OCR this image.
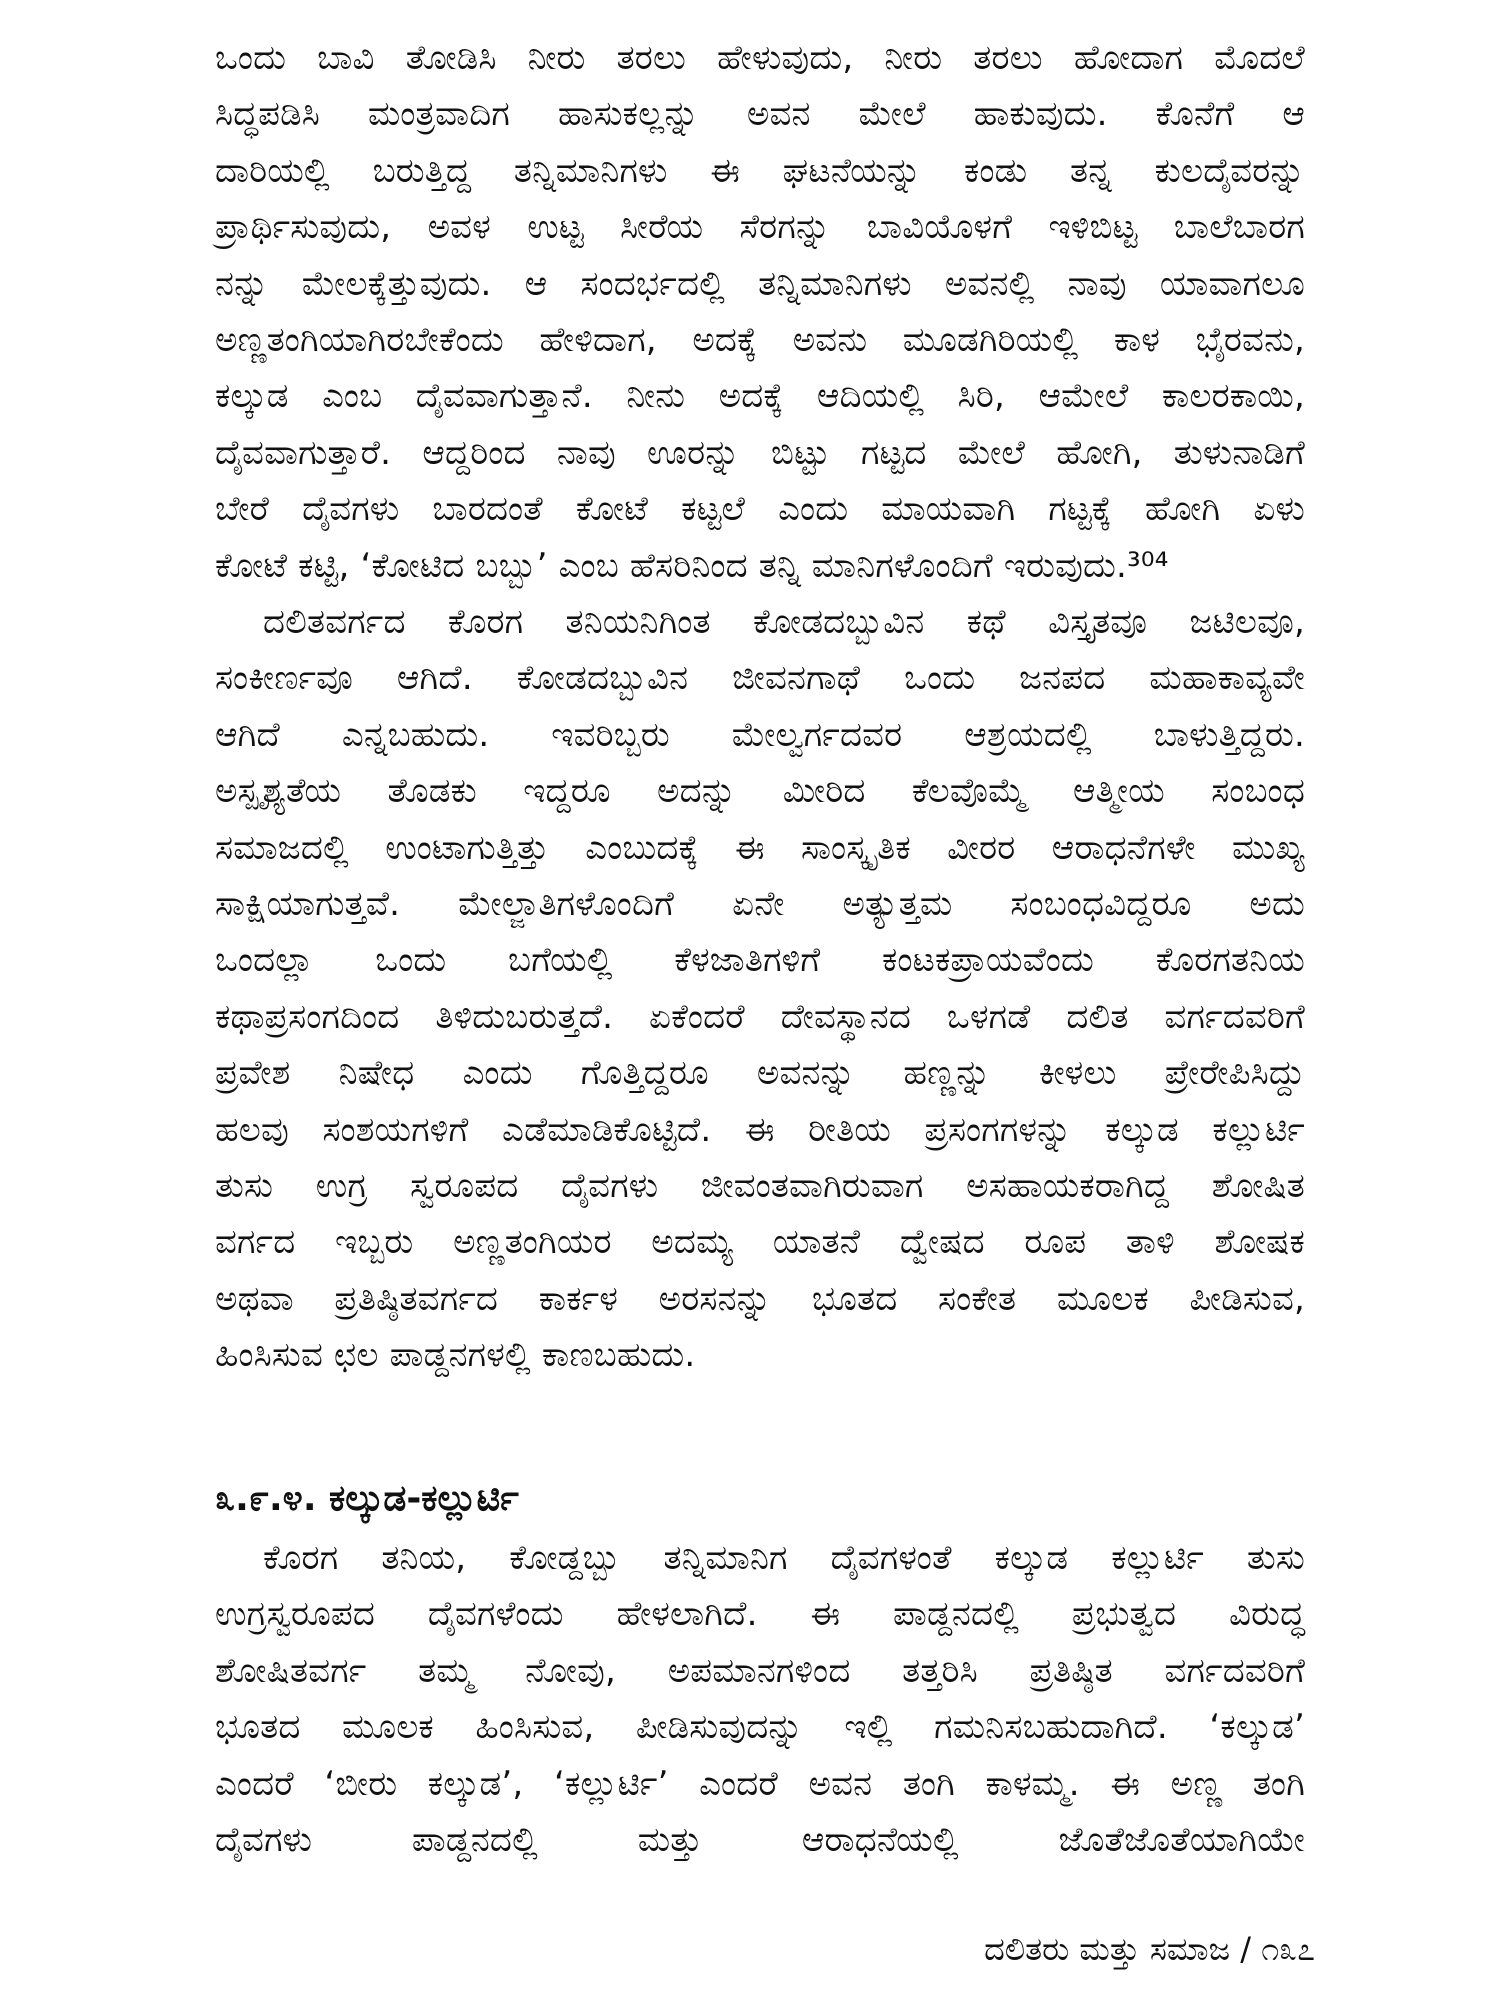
ಒಂದು ಬಾವಿ ತೋಡಿಸಿ ನೀರು ತರಲು ಹೇಳುವುದು, ನೀರು ತರಲು ಹೋದಾಗ ಮೊದಲೆ
ಸಿದ್ಧಪಡಿಸಿ ಮಂತ್ರವಾದಿಗ ಹಾಸುಕಲ್ಲನ್ನು ಅವನ ಮೇಲೆ ಹಾಕುವುದು. ಕೊನೆಗೆ ಆ
ದಾರಿಯಲ್ಲಿ ಬರುತ್ತಿದ್ದ ತನ್ನಿಮಾನಿಗಳು ಈ ಘಟನೆಯನ್ನು ಕಂಡು ತನ್ನ ಕುಲದೈವರನ್ನು
ಪ್ರಾರ್ಥಿಸುವುದು, ಅವಳ ಉಟ್ಟ ಸೀರೆಯ ಸೆರಗನ್ನು ಬಾವಿಯೊಳಗೆ ಇಳಿಬಿಟ್ಟ ಬಾಲೆಬಾರಗ
ನನ್ನು ಮೇಲಕ್ಕೆತ್ತುವುದು. ಆ ಸಂದರ್ಭದಲ್ಲಿ ತನ್ನಿಮಾನಿಗಳು ಅವನಲ್ಲಿ ನಾವು ಯಾವಾಗಲೂ
ಅಣ್ಣತಂಗಿಯಾಗಿರಬೇಕೆಂದು ಹೇಳಿದಾಗ, ಅದಕ್ಕೆ ಅವನು ಮೂಡಗಿರಿಯಲ್ಲಿ ಕಾಳ ಭೈರವನು,
ಕಲ್ಕುಡ ಎಂಬ ದೈವವಾಗುತ್ತಾನೆ. ನೀನು ಅದಕ್ಕೆ ಆದಿಯಲ್ಲಿ ಸಿರಿ, ಆಮೇಲೆ ಕಾಲರಕಾಯಿ,
ದೈವವಾಗುತ್ತಾರೆ. ಆದ್ದರಿಂದ ನಾವು ಊರನ್ನು ಬಿಟ್ಟು ಗಟ್ಟದ ಮೇಲೆ ಹೋಗಿ, ತುಳುನಾಡಿಗೆ
ಬೇರೆ ದೈವಗಳು ಬಾರದಂತೆ ಕೋಟೆ ಕಟ್ಟಲೆ ಎಂದು ಮಾಯವಾಗಿ ಗಟ್ಟಕ್ಕೆ ಹೋಗಿ ಏಳು
ಕೋಟೆ ಕಟ್ಟಿ, ‘ಕೋಟಿದ ಬಬ್ಬು’ ಎಂಬ ಹೆಸರಿನಿಂದ ತನ್ನಿ ಮಾನಿಗಳೊಂದಿಗೆ ಇರುವುದು.³⁰⁴
ದಲಿತವರ್ಗದ ಕೊರಗ ತನಿಯನಿಗಿಂತ ಕೋಡದಬ್ಬುವಿನ ಕಥೆ ವಿಸ್ತೃತವೂ ಜಟಿಲವೂ,
ಸಂಕೀರ್ಣವೂ ಆಗಿದೆ. ಕೋಡದಬ್ಬುವಿನ ಜೀವನಗಾಥೆ ಒಂದು ಜನಪದ ಮಹಾಕಾವ್ಯವೇ
ಆಗಿದೆ ಎನ್ನಬಹುದು. ಇವರಿಬ್ಬರು ಮೇಲ್ವರ್ಗದವರ ಆಶ್ರಯದಲ್ಲಿ ಬಾಳುತ್ತಿದ್ದರು.
ಅಸ್ಪೃಶ್ಯತೆಯ ತೊಡಕು ಇದ್ದರೂ ಅದನ್ನು ಮೀರಿದ ಕೆಲವೊಮ್ಮೆ ಆತ್ಮೀಯ ಸಂಬಂಧ
ಸಮಾಜದಲ್ಲಿ ಉಂಟಾಗುತ್ತಿತ್ತು ಎಂಬುದಕ್ಕೆ ಈ ಸಾಂಸ್ಕೃತಿಕ ವೀರರ ಆರಾಧನೆಗಳೇ ಮುಖ್ಯ
ಸಾಕ್ಷಿಯಾಗುತ್ತವೆ. ಮೇಲ್ಜಾತಿಗಳೊಂದಿಗೆ ಏನೇ ಅತ್ಯುತ್ತಮ ಸಂಬಂಧವಿದ್ದರೂ ಅದು
ಒಂದಲ್ಲಾ ಒಂದು ಬಗೆಯಲ್ಲಿ ಕೆಳಜಾತಿಗಳಿಗೆ ಕಂಟಕಪ್ರಾಯವೆಂದು ಕೊರಗತನಿಯ
ಕಥಾಪ್ರಸಂಗದಿಂದ ತಿಳಿದುಬರುತ್ತದೆ. ಏಕೆಂದರೆ ದೇವಸ್ಥಾನದ ಒಳಗಡೆ ದಲಿತ ವರ್ಗದವರಿಗೆ
ಪ್ರವೇಶ ನಿಷೇಧ ಎಂದು ಗೊತ್ತಿದ್ದರೂ ಅವನನ್ನು ಹಣ್ಣನ್ನು ಕೀಳಲು ಪ್ರೇರೇಪಿಸಿದ್ದು
ಹಲವು ಸಂಶಯಗಳಿಗೆ ಎಡೆಮಾಡಿಕೊಟ್ಟಿದೆ. ಈ ರೀತಿಯ ಪ್ರಸಂಗಗಳನ್ನು ಕಲ್ಕುಡ ಕಲ್ಲುರ್ಟಿ
ತುಸು ಉಗ್ರ ಸ್ವರೂಪದ ದೈವಗಳು ಜೀವಂತವಾಗಿರುವಾಗ ಅಸಹಾಯಕರಾಗಿದ್ದ ಶೋಷಿತ
ವರ್ಗದ ಇಬ್ಬರು ಅಣ್ಣತಂಗಿಯರ ಅದಮ್ಯ ಯಾತನೆ ದ್ವೇಷದ ರೂಪ ತಾಳಿ ಶೋಷಕ
ಅಥವಾ ಪ್ರತಿಷ್ಠಿತವರ್ಗದ ಕಾರ್ಕಳ ಅರಸನನ್ನು ಭೂತದ ಸಂಕೇತ ಮೂಲಕ ಪೀಡಿಸುವ,
ಹಿಂಸಿಸುವ ಛಲ ಪಾಡ್ದನಗಳಲ್ಲಿ ಕಾಣಬಹುದು.
೩.೯.೪. ಕಲ್ಕುಡ-ಕಲ್ಲುರ್ಟಿ
ಕೊರಗ ತನಿಯ, ಕೋಡ್ದಬ್ಬು ತನ್ನಿಮಾನಿಗ ದೈವಗಳಂತೆ ಕಲ್ಕುಡ ಕಲ್ಲುರ್ಟಿ ತುಸು
ಉಗ್ರಸ್ವರೂಪದ ದೈವಗಳೆಂದು ಹೇಳಲಾಗಿದೆ. ಈ ಪಾಡ್ದನದಲ್ಲಿ ಪ್ರಭುತ್ವದ ವಿರುದ್ಧ
ಶೋಷಿತವರ್ಗ ತಮ್ಮ ನೋವು, ಅಪಮಾನಗಳಿಂದ ತತ್ತರಿಸಿ ಪ್ರತಿಷ್ಠಿತ ವರ್ಗದವರಿಗೆ
ಭೂತದ ಮೂಲಕ ಹಿಂಸಿಸುವ, ಪೀಡಿಸುವುದನ್ನು ಇಲ್ಲಿ ಗಮನಿಸಬಹುದಾಗಿದೆ. ‘ಕಲ್ಕುಡ’
ಎಂದರೆ ‘ಬೀರು ಕಲ್ಕುಡ’, ‘ಕಲ್ಲುರ್ಟಿ’ ಎಂದರೆ ಅವನ ತಂಗಿ ಕಾಳಮ್ಮ. ಈ ಅಣ್ಣ ತಂಗಿ
ದೈವಗಳು ಪಾಡ್ದನದಲ್ಲಿ ಮತ್ತು ಆರಾಧನೆಯಲ್ಲಿ ಜೊತೆಜೊತೆಯಾಗಿಯೇ
ದಲಿತರು ಮತ್ತು ಸಮಾಜ / ೧೩೭
